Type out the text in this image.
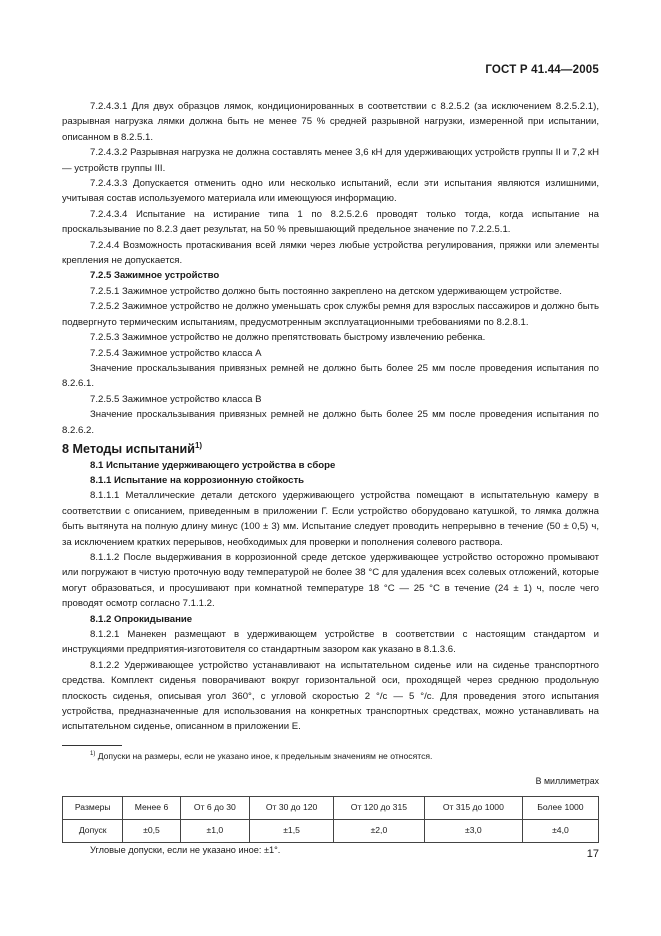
ГОСТ Р 41.44—2005

7.2.4.3.1 Для двух образцов лямок, кондиционированных в соответствии с 8.2.5.2 (за исключением 8.2.5.2.1), разрывная нагрузка лямки должна быть не менее 75 % средней разрывной нагрузки, измеренной при испытании, описанном в 8.2.5.1.

7.2.4.3.2 Разрывная нагрузка не должна составлять менее 3,6 кН для удерживающих устройств группы II и 7,2 кН — устройств группы III.

7.2.4.3.3 Допускается отменить одно или несколько испытаний, если эти испытания являются излишними, учитывая состав используемого материала или имеющуюся информацию.

7.2.4.3.4 Испытание на истирание типа 1 по 8.2.5.2.6 проводят только тогда, когда испытание на проскальзывание по 8.2.3 дает результат, на 50 % превышающий предельное значение по 7.2.2.5.1.

7.2.4.4 Возможность протаскивания всей лямки через любые устройства регулирования, пряжки или элементы крепления не допускается.

7.2.5 Зажимное устройство

7.2.5.1 Зажимное устройство должно быть постоянно закреплено на детском удерживающем устройстве.

7.2.5.2 Зажимное устройство не должно уменьшать срок службы ремня для взрослых пассажиров и должно быть подвергнуто термическим испытаниям, предусмотренным эксплуатационными требованиями по 8.2.8.1.

7.2.5.3 Зажимное устройство не должно препятствовать быстрому извлечению ребенка.

7.2.5.4 Зажимное устройство класса А

Значение проскальзывания привязных ремней не должно быть более 25 мм после проведения испытания по 8.2.6.1.

7.2.5.5 Зажимное устройство класса В

Значение проскальзывания привязных ремней не должно быть более 25 мм после проведения испытания по 8.2.6.2.

8 Методы испытаний$^{1)}$

8.1 Испытание удерживающего устройства в сборе

8.1.1 Испытание на коррозионную стойкость

8.1.1.1 Металлические детали детского удерживающего устройства помещают в испытательную камеру в соответствии с описанием, приведенным в приложении Г. Если устройство оборудовано катушкой, то лямка должна быть вытянута на полную длину минус (100 ± 3) мм. Испытание следует проводить непрерывно в течение (50 ± 0,5) ч, за исключением кратких перерывов, необходимых для проверки и пополнения солевого раствора.

8.1.1.2 После выдерживания в коррозионной среде детское удерживающее устройство осторожно промывают или погружают в чистую проточную воду температурой не более 38 °С для удаления всех солевых отложений, которые могут образоваться, и просушивают при комнатной температуре 18 °С — 25 °С в течение (24 ± 1) ч, после чего проводят осмотр согласно 7.1.1.2.

8.1.2 Опрокидывание

8.1.2.1 Манекен размещают в удерживающем устройстве в соответствии с настоящим стандартом и инструкциями предприятия-изготовителя со стандартным зазором как указано в 8.1.3.6.

8.1.2.2 Удерживающее устройство устанавливают на испытательном сиденье или на сиденье транспортного средства. Комплект сиденья поворачивают вокруг горизонтальной оси, проходящей через среднюю продольную плоскость сиденья, описывая угол 360°, с угловой скоростью 2 °/с — 5 °/с. Для проведения этого испытания устройства, предназначенные для использования на конкретных транспортных средствах, можно устанавливать на испытательном сиденье, описанном в приложении Е.

$^{1)}$ Допуски на размеры, если не указано иное, к предельным значениям не относятся.

В миллиметрах
Размеры	Менее 6	От 6 до 30	От 30 до 120	От 120 до 315	От 315 до 1000	Более 1000
Допуск	±0,5	±1,0	±1,5	±2,0	±3,0	±4,0

Угловые допуски, если не указано иное: ±1°.	17
